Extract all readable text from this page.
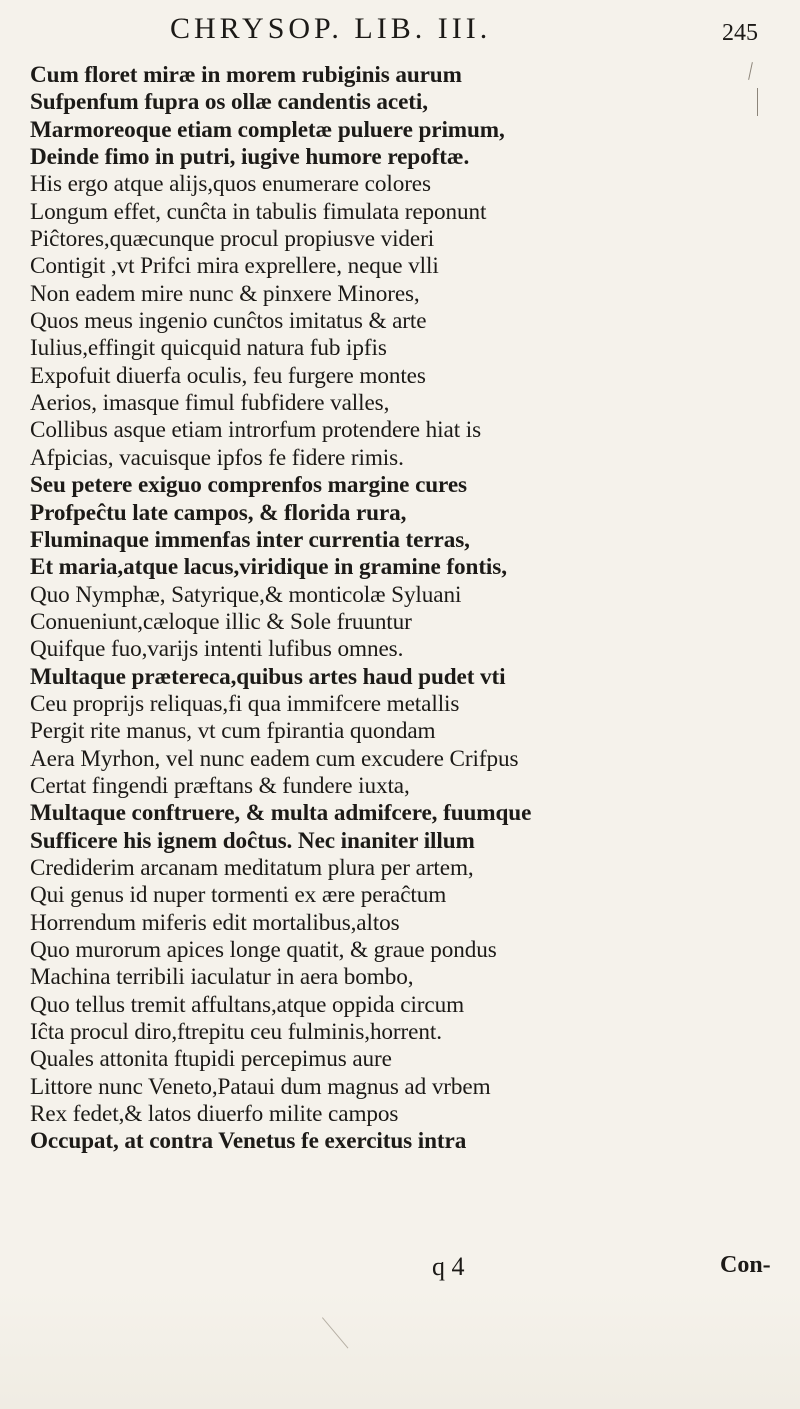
CHRYSOP. LIB. III.	245
Cum floret miræ in morem rubiginis aurum
Sufpenfum fupra os ollæ candentis aceti,
Marmoreoque etiam completæ puluere primum,
Deinde fimo in putri, iugive humore repoftæ.
His ergo atque alijs,quos enumerare colores
Longum effet, cunĉta in tabulis fimulata reponunt
Piĉtores,quæcunque procul propiusve videri
Contigit ,vt Prifci mira exprellere, neque vlli
Non eadem mire nunc & pinxere Minores,
Quos meus ingenio cunĉtos imitatus & arte
Iulius,effingit quicquid natura fub ipfis
Expofuit diuerfa oculis, feu furgere montes
Aerios, imasque fimul fubfidere valles,
Collibus asque etiam introrfum protendere hiat is
Afpicias, vacuisque ipfos fe fidere rimis.
Seu petere exiguo comprenfos margine cures
Profpeĉtu late campos, & florida rura,
Fluminaque immenfas inter currentia terras,
Et maria,atque lacus,viridique in gramine fontis,
Quo Nymphæ, Satyrique,& monticolæ Syluani
Conueniunt,cæloque illic & Sole fruuntur
Quifque fuo,varijs intenti lufibus omnes.
Multaque prætereca,quibus artes haud pudet vti
Ceu proprijs reliquas,fi qua immifcere metallis
Pergit rite manus, vt cum fpirantia quondam
Aera Myrhon, vel nunc eadem cum excudere Crifpus
Certat fingendi præftans & fundere iuxta,
Multaque conftruere, & multa admifcere, fuumque
Sufficere his ignem doĉtus. Nec inaniter illum
Crediderim arcanam meditatum plura per artem,
Qui genus id nuper tormenti ex ære peraĉtum
Horrendum miferis edit mortalibus,altos
Quo murorum apices longe quatit, & graue pondus
Machina terribili iaculatur in aera bombo,
Quo tellus tremit affultans,atque oppida circum
Iĉta procul diro,ftrepitu ceu fulminis,horrent.
Quales attonita ftupidi percepimus aure
Littore nunc Veneto,Pataui dum magnus ad vrbem
Rex fedet,& latos diuerfo milite campos
Occupat, at contra Venetus fe exercitus intra
q 4	Con-
